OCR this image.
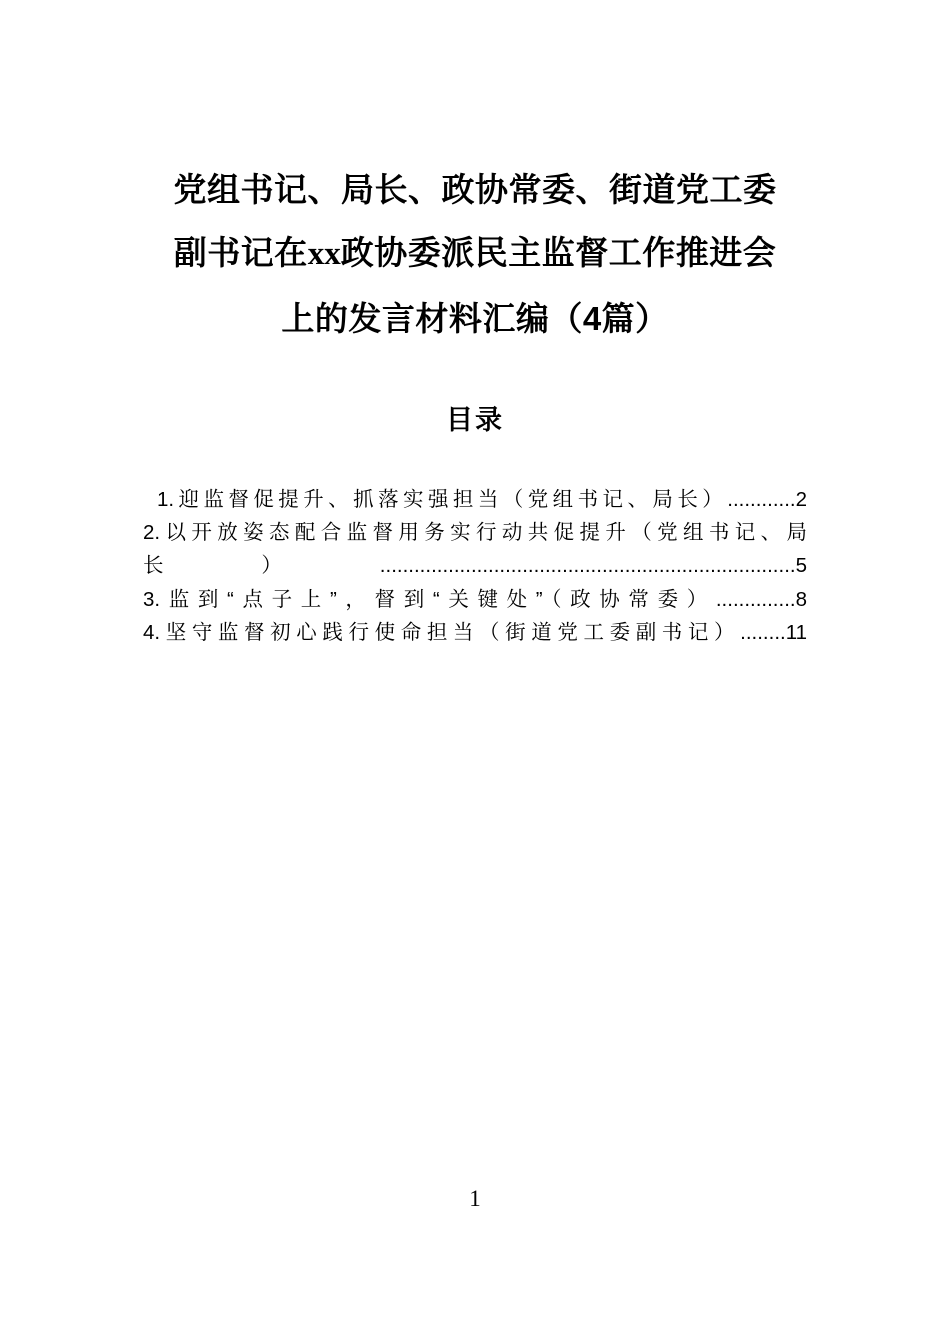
党组书记、局长、政协常委、街道党工委
副书记在xx政协委派民主监督工作推进会
上的发言材料汇编（4篇）
目录
1.迎监督促提升、抓落实强担当（党组书记、局长）............2
2.以开放姿态配合监督用务实行动共促提升（党组书记、局长）.........................................................................5
3.监到“点子上”，督到“关键处”（政协常委）..............8
4.坚守监督初心践行使命担当（街道党工委副书记）........11
1
